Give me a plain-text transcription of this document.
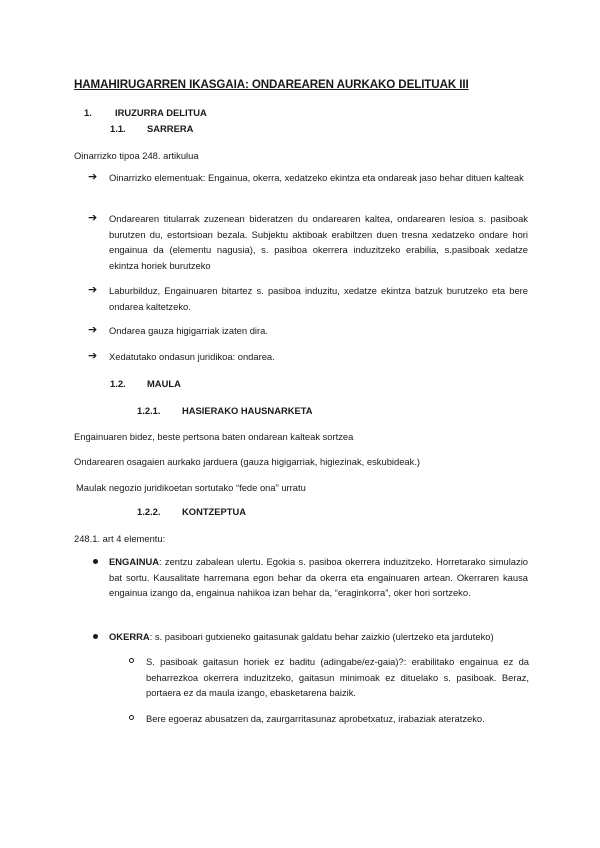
HAMAHIRUGARREN IKASGAIA: ONDAREAREN AURKAKO DELITUAK III
1. IRUZURRA DELITUA
1.1. SARRERA
Oinarrizko tipoa 248. artikulua
➔ Oinarrizko elementuak: Engainua, okerra, xedatzeko ekintza eta ondareak jaso behar dituen kalteak
➔ Ondarearen titularrak zuzenean bideratzen du ondarearen kaltea, ondarearen lesioa s. pasiboak burutzen du, estortsioan bezala. Subjektu aktiboak erabiltzen duen tresna xedatzeko ondare hori engainua da (elementu nagusia), s. pasiboa okerrera induzitzeko erabilia, s.pasiboak xedatze ekintza horiek burutzeko
➔ Laburbilduz, Engainuaren bitartez s. pasiboa induzitu, xedatze ekintza batzuk burutzeko eta bere ondarea kaltetzeko.
➔ Ondarea gauza higigarriak izaten dira.
➔ Xedatutako ondasun juridikoa: ondarea.
1.2. MAULA
1.2.1. HASIERAKO HAUSNARKETA
Engainuaren bidez, beste pertsona baten ondarean kalteak sortzea
Ondarearen osagaien aurkako jarduera (gauza higigarriak, higiezinak, eskubideak.)
Maulak negozio juridikoetan sortutako “fede ona” urratu
1.2.2. KONTZEPTUA
248.1. art 4 elementu:
ENGAINUA: zentzu zabalean ulertu. Egokia s. pasiboa okerrera induzitzeko. Horretarako simulazio bat sortu. Kausalitate harremana egon behar da okerra eta engainuaren artean. Okerraren kausa engainua izango da, engainua nahikoa izan behar da, “eraginkorra”, oker hori sortzeko.
OKERRA: s. pasiboari gutxieneko gaitasunak galdatu behar zaizkio (ulertzeko eta jarduteko)
S. pasiboak gaitasun horiek ez baditu (adingabe/ez-gaia)?: erabilitako engainua ez da beharrezkoa okerrera induzitzeko, gaitasun minimoak ez dituelako s. pasiboak. Beraz, portaera ez da maula izango, ebasketarena baizik.
Bere egoeraz abusatzen da, zaurgarritasunaz aprobetxatuz, irabaziak ateratzeko.
